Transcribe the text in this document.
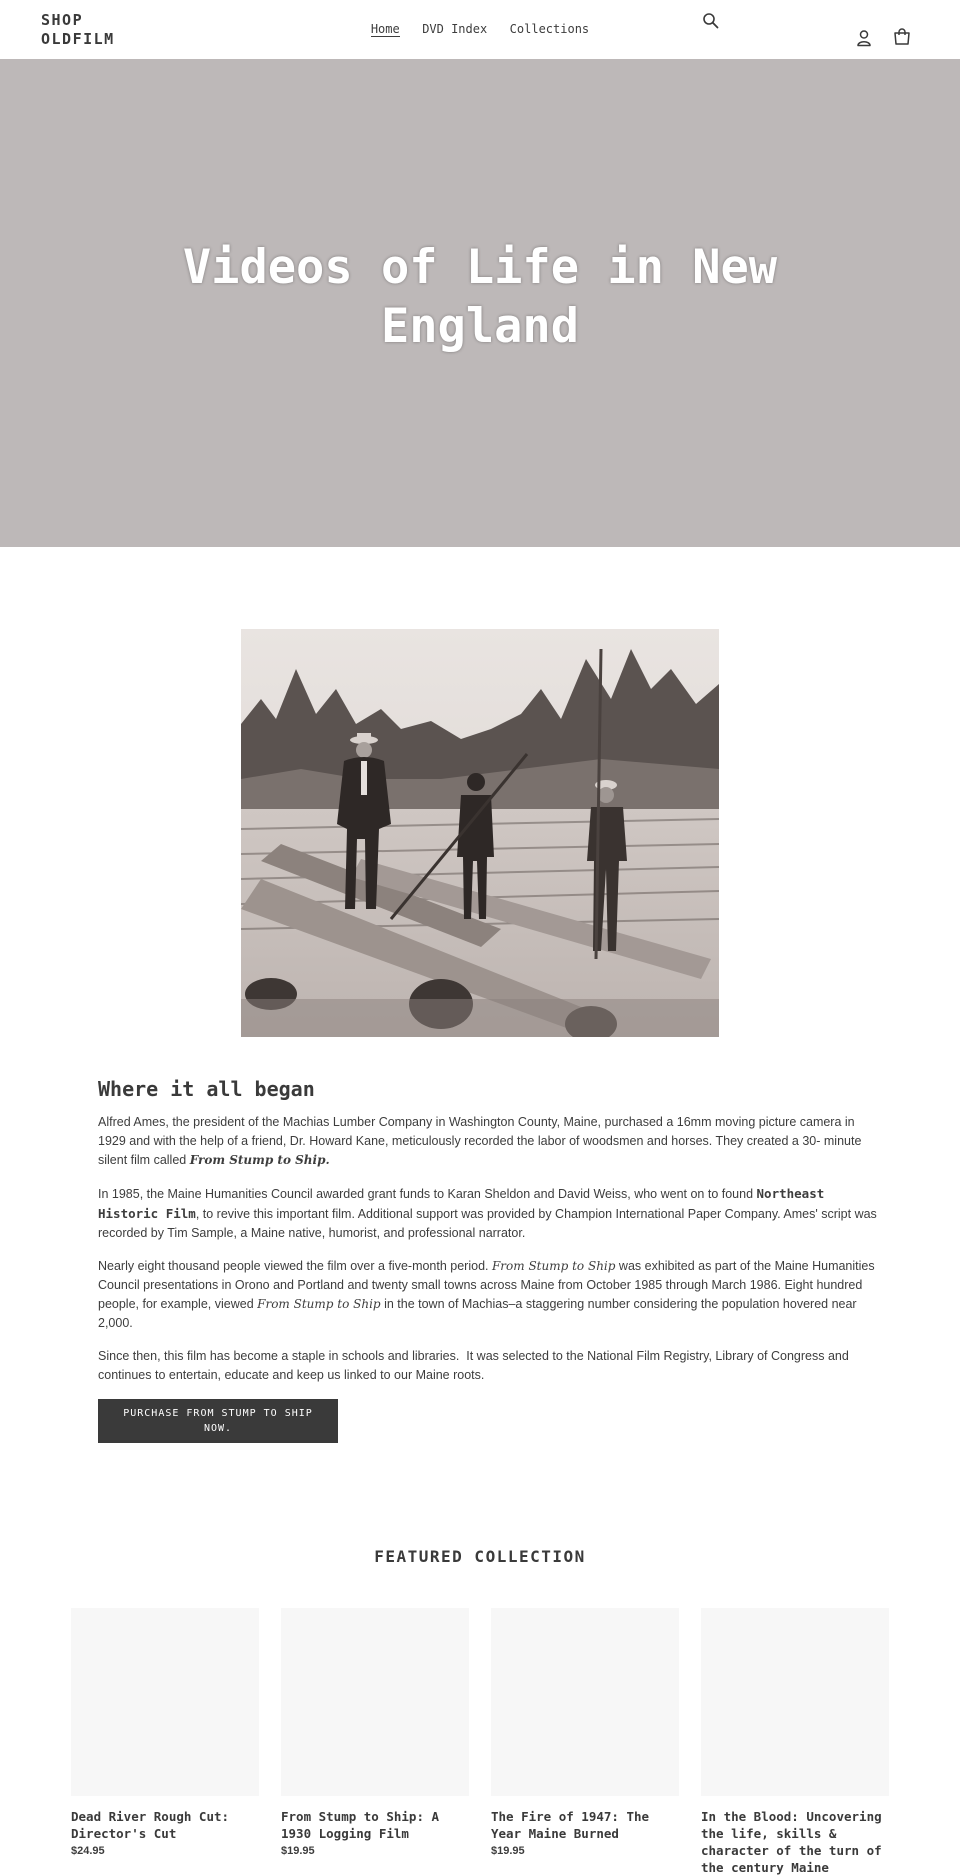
SHOP
OLDFILM
Home DVD Index Collections
Videos of Life in New England
Where it all began

Alfred Ames, the president of the Machias Lumber Company in Washington County, Maine, purchased a 16mm moving picture camera in 1929 and with the help of a friend, Dr. Howard Kane, meticulously recorded the labor of woodsmen and horses. They created a 30- minute silent film called From Stump to Ship.

In 1985, the Maine Humanities Council awarded grant funds to Karan Sheldon and David Weiss, who went on to found Northeast Historic Film, to revive this important film. Additional support was provided by Champion International Paper Company. Ames' script was recorded by Tim Sample, a Maine native, humorist, and professional narrator.

Nearly eight thousand people viewed the film over a five-month period. From Stump to Ship was exhibited as part of the Maine Humanities Council presentations in Orono and Portland and twenty small towns across Maine from October 1985 through March 1986. Eight hundred people, for example, viewed From Stump to Ship in the town of Machias–a staggering number considering the population hovered near 2,000.

Since then, this film has become a staple in schools and libraries.  It was selected to the National Film Registry, Library of Congress and continues to entertain, educate and keep us linked to our Maine roots.

PURCHASE FROM STUMP TO SHIP NOW.
FEATURED COLLECTION
Dead River Rough Cut: Director's Cut
$24.95
From Stump to Ship: A 1930 Logging Film
$19.95
The Fire of 1947: The Year Maine Burned
$19.95
In the Blood: Uncovering the life, skills & character of the turn of the century Maine
